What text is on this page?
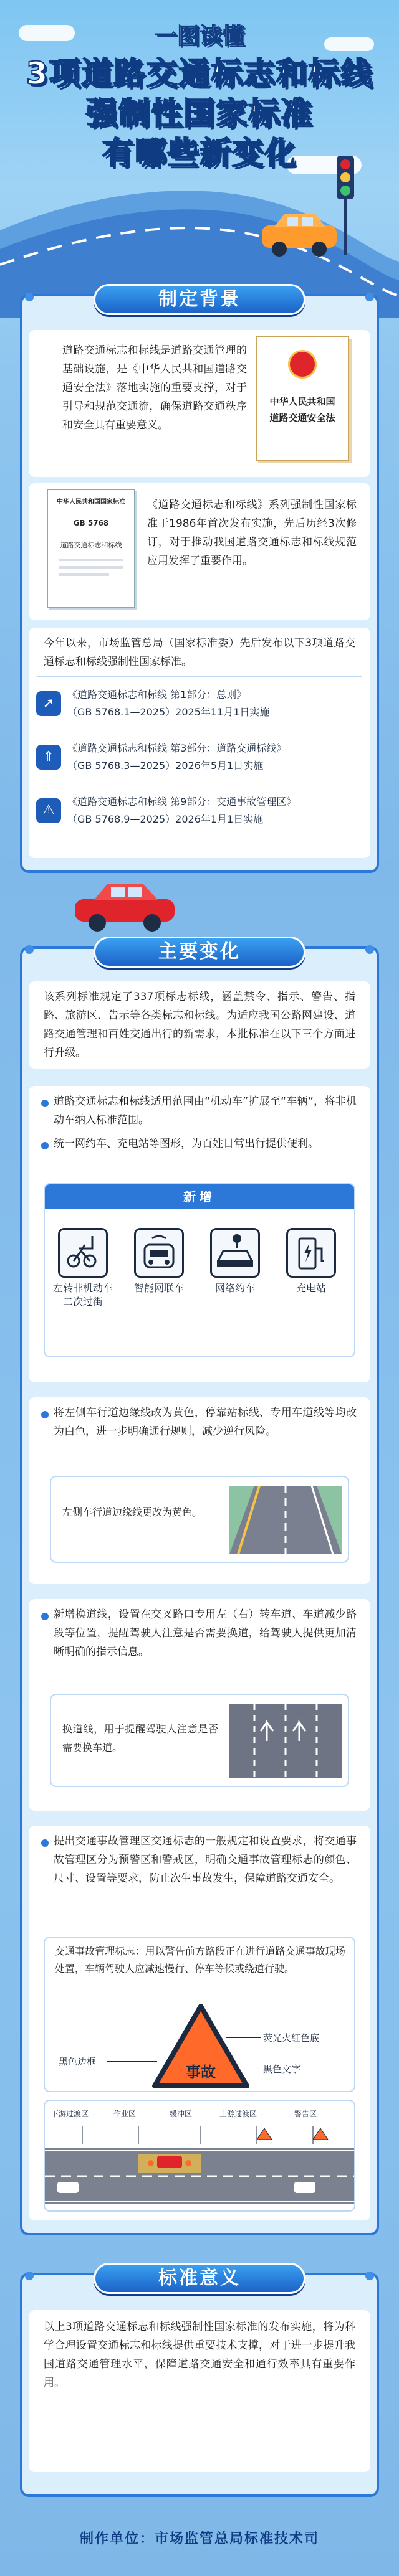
一图读懂
3项道路交通标志和标线
强制性国家标准
有哪些新变化
制定背景
道路交通标志和标线是道路交通管理的基础设施，是《中华人民共和国道路交通安全法》落地实施的重要支撑，对于引导和规范交通流，确保道路交通秩序和安全具有重要意义。
中华人民共和国
道路交通安全法
中华人民共和国国家标准
GB 5768
道路交通标志和标线
《道路交通标志和标线》系列强制性国家标准于1986年首次发布实施，先后历经3次修订，对于推动我国道路交通标志和标线规范应用发挥了重要作用。
今年以来，市场监管总局（国家标准委）先后发布以下3项道路交通标志和标线强制性国家标准。
➚
《道路交通标志和标线 第1部分：总则》
（GB 5768.1—2025）2025年11月1日实施
⇑
《道路交通标志和标线 第3部分：道路交通标线》
（GB 5768.3—2025）2026年5月1日实施
⚠
《道路交通标志和标线 第9部分：交通事故管理区》
（GB 5768.9—2025）2026年1月1日实施
主要变化
该系列标准规定了337项标志标线，涵盖禁令、指示、警告、指路、旅游区、告示等各类标志和标线。为适应我国公路网建设、道路交通管理和百姓交通出行的新需求，本批标准在以下三个方面进行升级。
道路交通标志和标线适用范围由“机动车”扩展至“车辆”，将非机动车纳入标准范围。
统一网约车、充电站等图形，为百姓日常出行提供便利。
新增
左转非机动车二次过街
智能网联车	网络约车	充电站
将左侧车行道边缘线改为黄色，停靠站标线、专用车道线等均改为白色，进一步明确通行规则，减少逆行风险。
左侧车行道边缘线更改为黄色。
新增换道线，设置在交叉路口专用左（右）转车道、车道减少路段等位置，提醒驾驶人注意是否需要换道，给驾驶人提供更加清晰明确的指示信息。
换道线，用于提醒驾驶人注意是否需要换车道。
提出交通事故管理区交通标志的一般规定和设置要求，将交通事故管理区分为预警区和警戒区，明确交通事故管理标志的颜色、尺寸、设置等要求，防止次生事故发生，保障道路交通安全。
交通事故管理标志：用以警告前方路段正在进行道路交通事故现场处置，车辆驾驶人应减速慢行、停车等候或绕道行驶。
事故
黑色边框
荧光火红色底
黑色文字
下游过渡区	作业区	缓冲区	上游过渡区	警告区
标准意义
以上3项道路交通标志和标线强制性国家标准的发布实施，将为科学合理设置交通标志和标线提供重要技术支撑，对于进一步提升我国道路交通管理水平，保障道路交通安全和通行效率具有重要作用。
制作单位：市场监管总局标准技术司
